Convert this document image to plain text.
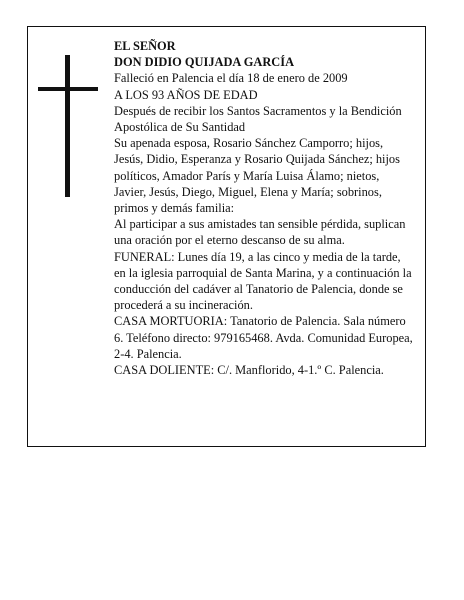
EL SEÑOR

DON DIDIO QUIJADA GARCÍA

Falleció en Palencia el día 18 de enero de 2009

A LOS 93 AÑOS DE EDAD

Después de recibir los Santos Sacramentos y la Bendición Apostólica de Su Santidad

Su apenada esposa, Rosario Sánchez Camporro; hijos, Jesús, Didio, Esperanza y Rosario Quijada Sánchez; hijos políticos, Amador París y María Luisa Álamo; nietos, Javier, Jesús, Diego, Miguel, Elena y María; sobrinos, primos y demás familia:

Al participar a sus amistades tan sensible pérdida, suplican una oración por el eterno descanso de su alma.

FUNERAL: Lunes día 19, a las cinco y media de la tarde, en la iglesia parroquial de Santa Marina, y a continuación la conducción del cadáver al Tanatorio de Palencia, donde se procederá a su incineración.

CASA MORTUORIA: Tanatorio de Palencia. Sala número 6. Teléfono directo: 979165468. Avda. Comunidad Europea, 2-4. Palencia.

CASA DOLIENTE: C/. Manflorido, 4-1.º C. Palencia.
